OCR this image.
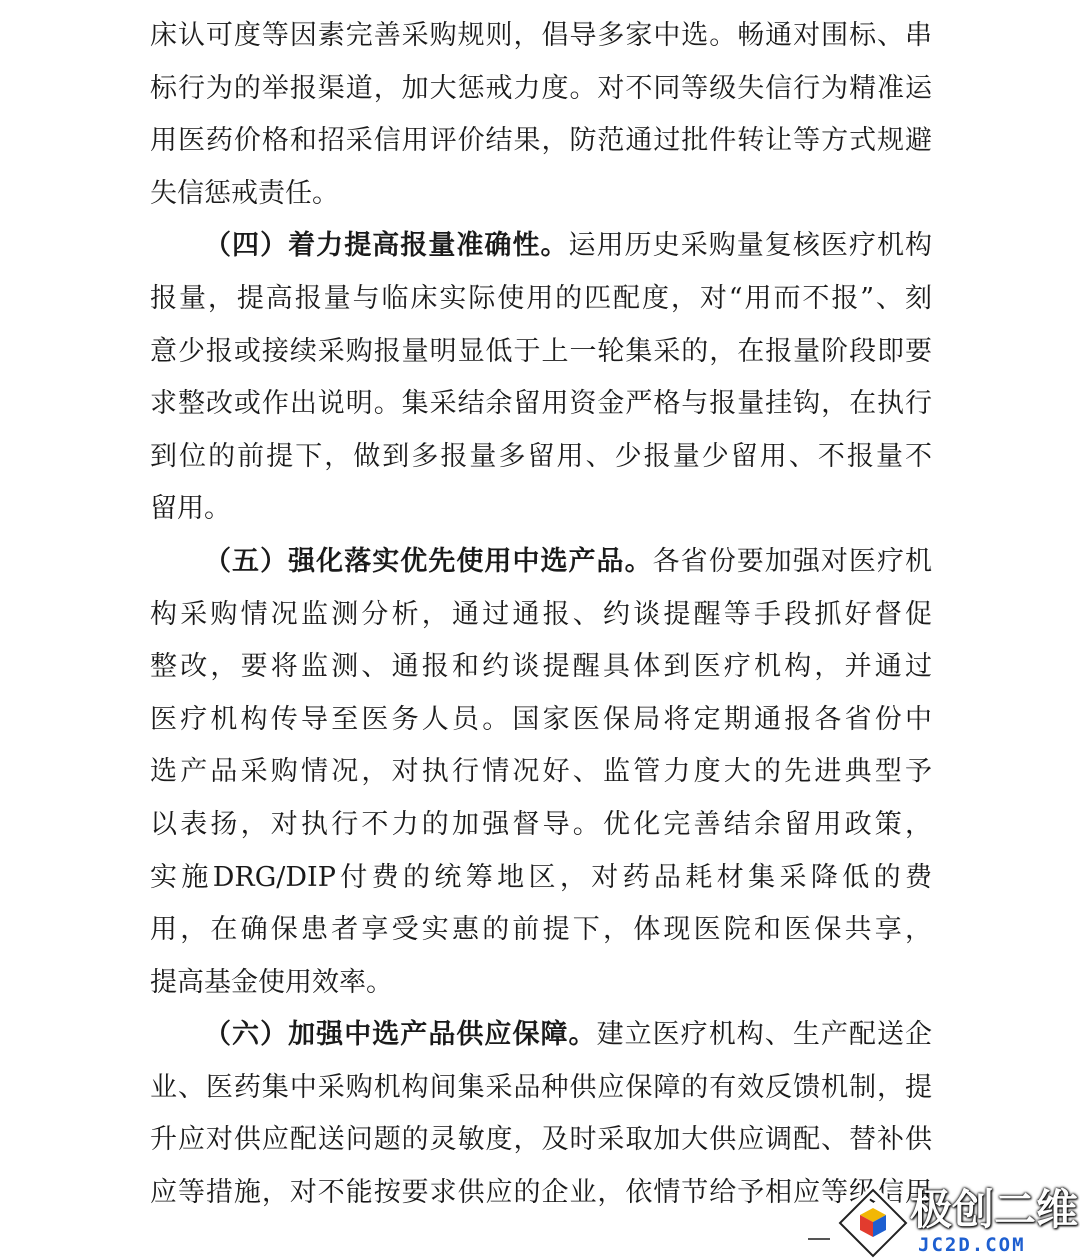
床认可度等因素完善采购规则，倡导多家中选。畅通对围标、串
标行为的举报渠道，加大惩戒力度。对不同等级失信行为精准运
用医药价格和招采信用评价结果，防范通过批件转让等方式规避
失信惩戒责任。
（四）着力提高报量准确性。运用历史采购量复核医疗机构
报量，提高报量与临床实际使用的匹配度，对“用而不报”、刻
意少报或接续采购报量明显低于上一轮集采的，在报量阶段即要
求整改或作出说明。集采结余留用资金严格与报量挂钩，在执行
到位的前提下，做到多报量多留用、少报量少留用、不报量不
留用。
（五）强化落实优先使用中选产品。各省份要加强对医疗机
构采购情况监测分析，通过通报、约谈提醒等手段抓好督促
整改，要将监测、通报和约谈提醒具体到医疗机构，并通过
医疗机构传导至医务人员。国家医保局将定期通报各省份中
选产品采购情况，对执行情况好、监管力度大的先进典型予
以表扬，对执行不力的加强督导。优化完善结余留用政策，
实施DRG/DIP付费的统筹地区，对药品耗材集采降低的费
用，在确保患者享受实惠的前提下，体现医院和医保共享，
提高基金使用效率。
（六）加强中选产品供应保障。建立医疗机构、生产配送企
业、医药集中采购机构间集采品种供应保障的有效反馈机制，提
升应对供应配送问题的灵敏度，及时采取加大供应调配、替补供
应等措施，对不能按要求供应的企业，依情节给予相应等级信用
极创二维
JC2D.COM
